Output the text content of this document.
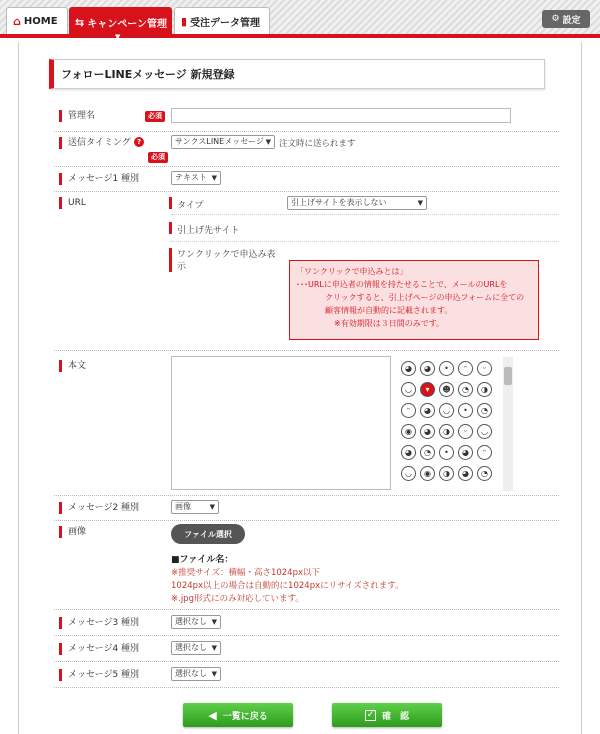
⌂ HOME ⇆ キャンペーン管理
▼
▮ 受注データ管理	⚙ 設定
フォローLINEメッセージ 新規登録
管理名	必須
送信タイミング ?
必須
サンクスLINEメッセージ ▼ 注文時に送られます
メッセージ1 種別	テキスト ▼
URL	タイプ	引上げサイトを表示しない	▼
引上げ先サイト
ワンクリックで申込み表示	「ワンクリックで申込みとは」
･･･URLに申込者の情報を持たせることで、メールのURLを
クリックすると、引上げページの申込フォームに全ての
顧客情報が自動的に記載されます。
※有効期限は３日間のみです。
本文	◕	◕	•	ᵔ	ᵕ
◡	▾	☻	◔	◑
ᵔ	◕	◡	•	◔
◉	◕	◑	ᵕ	◡
◕	◔	•	◕	ᵔ
◡	◉	◑	◕	◔
メッセージ2 種別	画像	▼
画像	ファイル選択
■ファイル名：
※推奨サイズ：横幅・高さ1024px以下
1024px以上の場合は自動的に1024pxにリサイズされます。
※.jpg形式にのみ対応しています。
メッセージ3 種別	選択なし ▼
メッセージ4 種別	選択なし ▼
メッセージ5 種別	選択なし ▼
◀ 一覧に戻る	✓ 確　認
